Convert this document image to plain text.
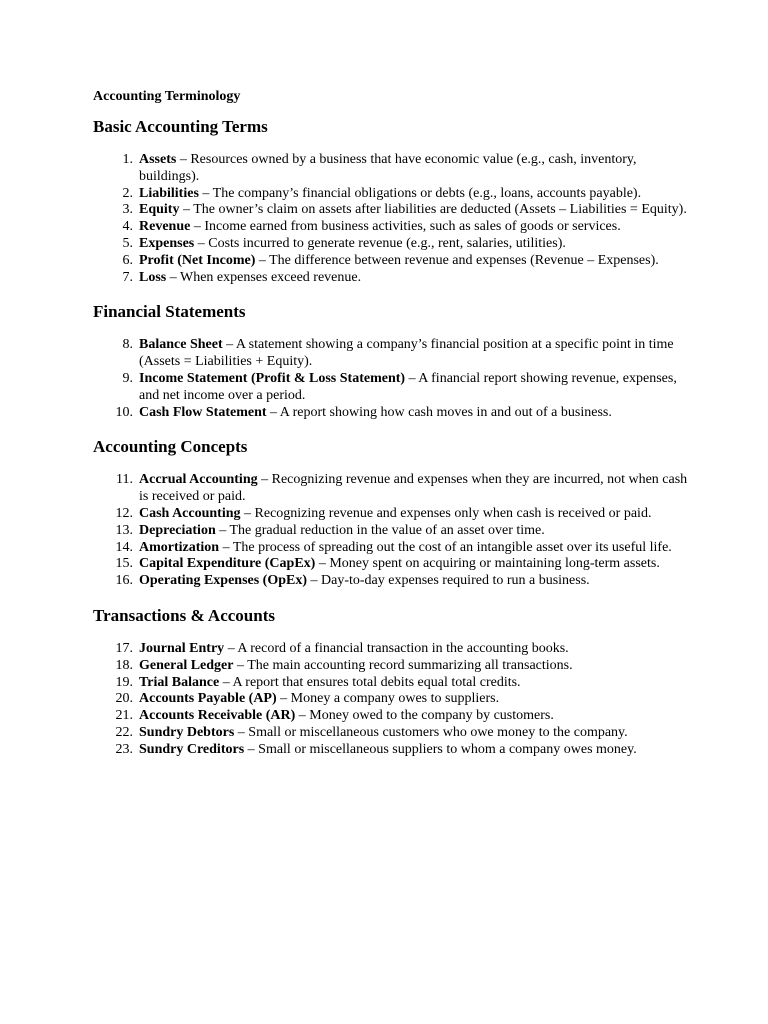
Accounting Terminology
Basic Accounting Terms
1. Assets – Resources owned by a business that have economic value (e.g., cash, inventory, buildings).
2. Liabilities – The company’s financial obligations or debts (e.g., loans, accounts payable).
3. Equity – The owner’s claim on assets after liabilities are deducted (Assets – Liabilities = Equity).
4. Revenue – Income earned from business activities, such as sales of goods or services.
5. Expenses – Costs incurred to generate revenue (e.g., rent, salaries, utilities).
6. Profit (Net Income) – The difference between revenue and expenses (Revenue – Expenses).
7. Loss – When expenses exceed revenue.
Financial Statements
8. Balance Sheet – A statement showing a company’s financial position at a specific point in time (Assets = Liabilities + Equity).
9. Income Statement (Profit & Loss Statement) – A financial report showing revenue, expenses, and net income over a period.
10. Cash Flow Statement – A report showing how cash moves in and out of a business.
Accounting Concepts
11. Accrual Accounting – Recognizing revenue and expenses when they are incurred, not when cash is received or paid.
12. Cash Accounting – Recognizing revenue and expenses only when cash is received or paid.
13. Depreciation – The gradual reduction in the value of an asset over time.
14. Amortization – The process of spreading out the cost of an intangible asset over its useful life.
15. Capital Expenditure (CapEx) – Money spent on acquiring or maintaining long-term assets.
16. Operating Expenses (OpEx) – Day-to-day expenses required to run a business.
Transactions & Accounts
17. Journal Entry – A record of a financial transaction in the accounting books.
18. General Ledger – The main accounting record summarizing all transactions.
19. Trial Balance – A report that ensures total debits equal total credits.
20. Accounts Payable (AP) – Money a company owes to suppliers.
21. Accounts Receivable (AR) – Money owed to the company by customers.
22. Sundry Debtors – Small or miscellaneous customers who owe money to the company.
23. Sundry Creditors – Small or miscellaneous suppliers to whom a company owes money.
